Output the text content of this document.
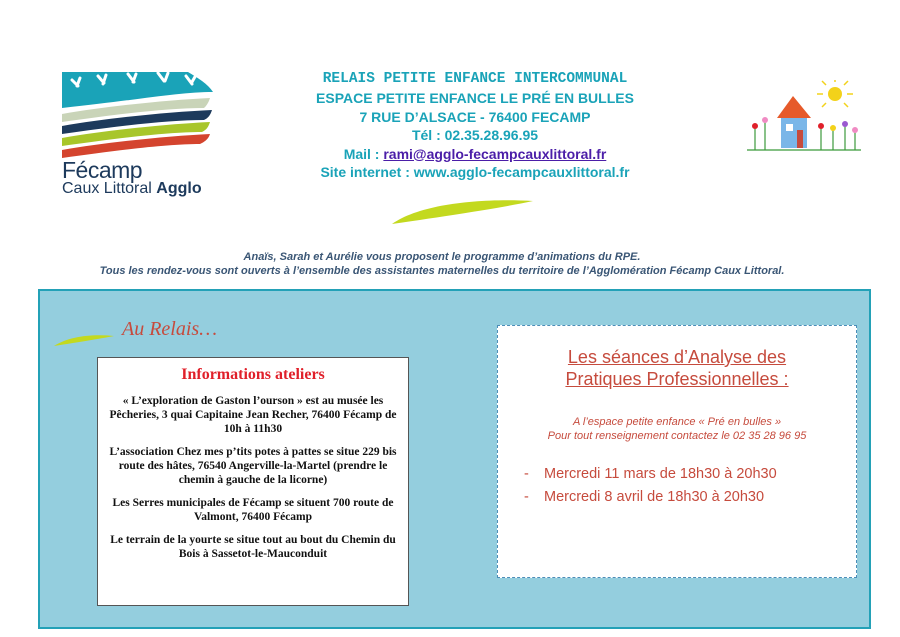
Fécamp
Caux Littoral Agglo
RELAIS PETITE ENFANCE INTERCOMMUNAL
ESPACE PETITE ENFANCE LE PRÉ EN BULLES
7 RUE D’ALSACE - 76400 FECAMP
Tél : 02.35.28.96.95
Mail : rami@agglo-fecampcauxlittoral.fr
Site internet : www.agglo-fecampcauxlittoral.fr
Anaïs, Sarah et Aurélie vous proposent le programme d’animations du RPE.
Tous les rendez-vous sont ouverts à l’ensemble des assistantes maternelles du territoire de l’Agglomération Fécamp Caux Littoral.
Au Relais…
Informations ateliers

« L’exploration de Gaston l’ourson » est au musée les Pêcheries, 3 quai Capitaine Jean Recher, 76400 Fécamp de 10h à 11h30

L’association Chez mes p’tits potes à pattes se situe 229 bis route des hâtes, 76540 Angerville-la-Martel (prendre le chemin à gauche de la licorne)

Les Serres municipales de Fécamp se situent 700 route de Valmont, 76400 Fécamp

Le terrain de la yourte se situe tout au bout du Chemin du Bois à Sassetot-le-Mauconduit

Les séances d’Analyse des
Pratiques Professionnelles :
A l’espace petite enfance « Pré en bulles »
Pour tout renseignement contactez le 02 35 28 96 95
- Mercredi 11 mars de 18h30 à 20h30
- Mercredi 8 avril de 18h30 à 20h30
